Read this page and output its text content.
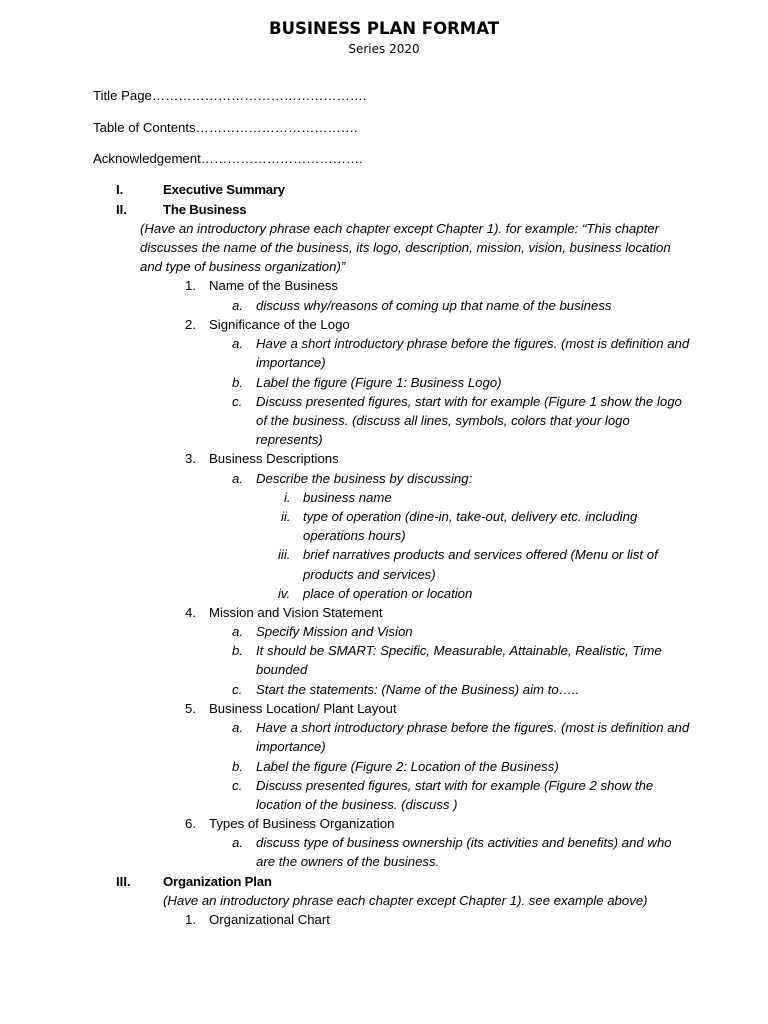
BUSINESS PLAN FORMAT
Series 2020
Title Page………………………………………….
Table of Contents……………………………….
Acknowledgement……………………………….
I.	Executive Summary
II.	The Business
(Have an introductory phrase each chapter except Chapter 1). for example: “This chapter
discusses the name of the business, its logo, description, mission, vision, business location
and type of business organization)”
1. Name of the Business
a. discuss why/reasons of coming up that name of the business
2. Significance of the Logo
a. Have a short introductory phrase before the figures. (most is definition and
importance)
b. Label the figure (Figure 1: Business Logo)
c. Discuss presented figures, start with for example (Figure 1 show the logo
of the business. (discuss all lines, symbols, colors that your logo
represents)
3. Business Descriptions
a. Describe the business by discussing:
i. business name
ii. type of operation (dine-in, take-out, delivery etc. including
operations hours)
iii. brief narratives products and services offered (Menu or list of
products and services)
iv. place of operation or location
4. Mission and Vision Statement
a. Specify Mission and Vision
b. It should be SMART: Specific, Measurable, Attainable, Realistic, Time
bounded
c. Start the statements: (Name of the Business) aim to…..
5. Business Location/ Plant Layout
a. Have a short introductory phrase before the figures. (most is definition and
importance)
b. Label the figure (Figure 2: Location of the Business)
c. Discuss presented figures, start with for example (Figure 2 show the
location of the business. (discuss )
6. Types of Business Organization
a. discuss type of business ownership (its activities and benefits) and who
are the owners of the business.
III. Organization Plan
(Have an introductory phrase each chapter except Chapter 1). see example above)
1. Organizational Chart
